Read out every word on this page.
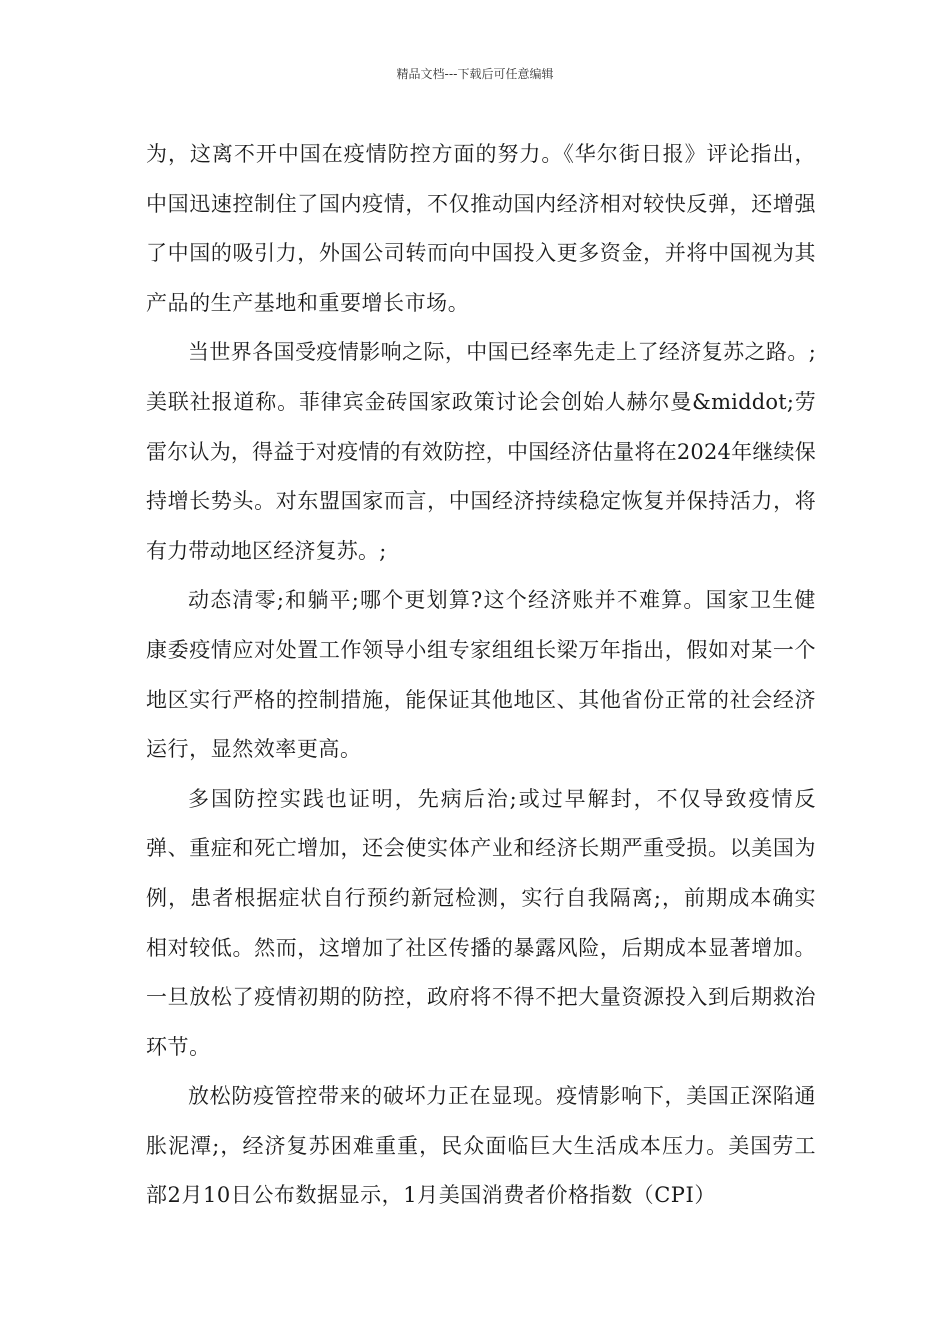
精品文档---下载后可任意编辑

为，这离不开中国在疫情防控方面的努力。《华尔街日报》评论指出，中国迅速控制住了国内疫情，不仅推动国内经济相对较快反弹，还增强了中国的吸引力，外国公司转而向中国投入更多资金，并将中国视为其产品的生产基地和重要增长市场。

当世界各国受疫情影响之际，中国已经率先走上了经济复苏之路。;美联社报道称。菲律宾金砖国家政策讨论会创始人赫尔曼&middot;劳雷尔认为，得益于对疫情的有效防控，中国经济估量将在2024年继续保持增长势头。对东盟国家而言，中国经济持续稳定恢复并保持活力，将有力带动地区经济复苏。;

动态清零;和躺平;哪个更划算?这个经济账并不难算。国家卫生健康委疫情应对处置工作领导小组专家组组长梁万年指出，假如对某一个地区实行严格的控制措施，能保证其他地区、其他省份正常的社会经济运行，显然效率更高。

多国防控实践也证明，先病后治;或过早解封，不仅导致疫情反弹、重症和死亡增加，还会使实体产业和经济长期严重受损。以美国为例，患者根据症状自行预约新冠检测，实行自我隔离;，前期成本确实相对较低。然而，这增加了社区传播的暴露风险，后期成本显著增加。一旦放松了疫情初期的防控，政府将不得不把大量资源投入到后期救治环节。

放松防疫管控带来的破坏力正在显现。疫情影响下，美国正深陷通胀泥潭;，经济复苏困难重重，民众面临巨大生活成本压力。美国劳工部2月10日公布数据显示，1月美国消费者价格指数（CPI）
